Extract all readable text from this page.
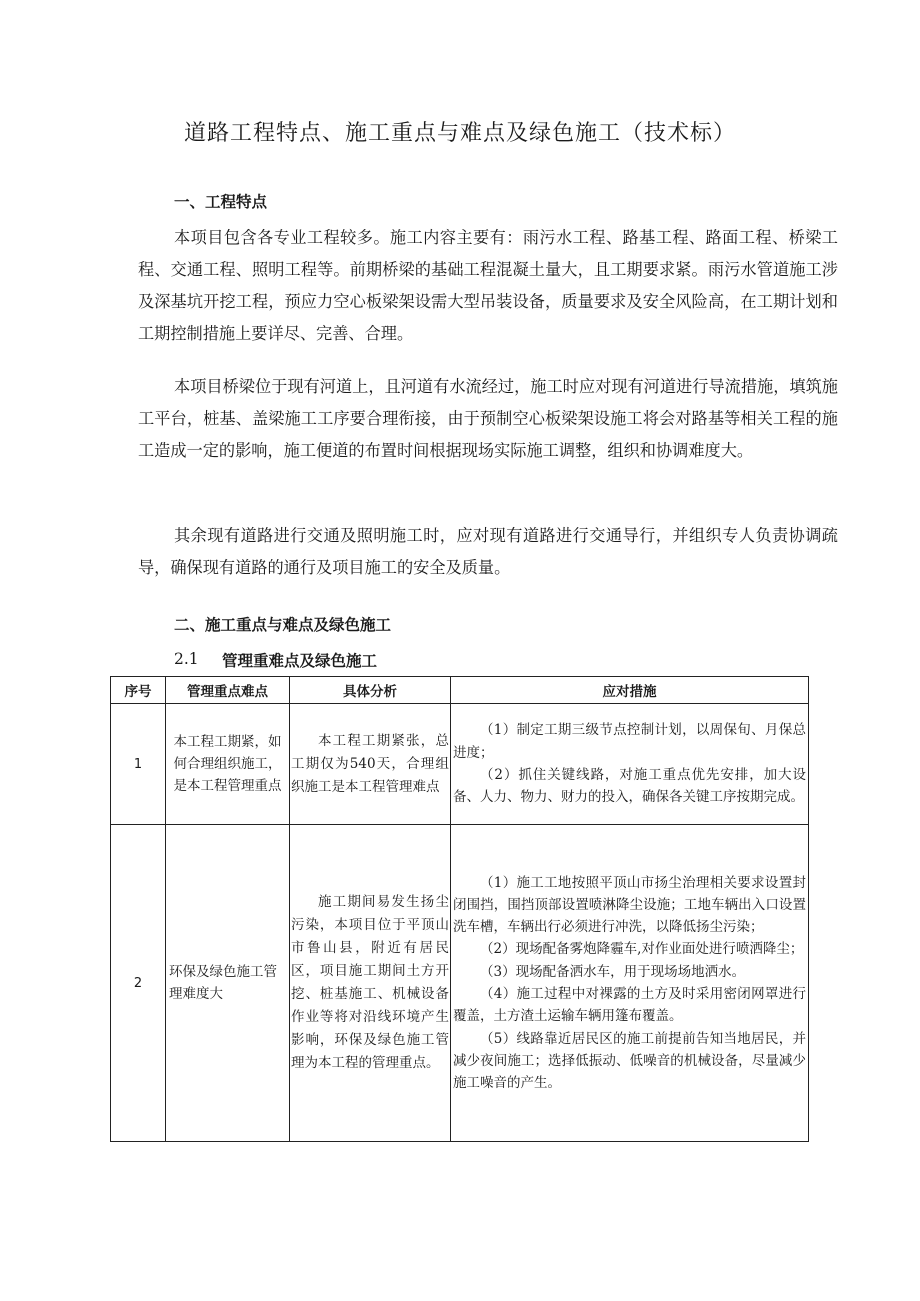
道路工程特点、施工重点与难点及绿色施工（技术标）
一、工程特点

本项目包含各专业工程较多。施工内容主要有：雨污水工程、路基工程、路面工程、桥梁工程、交通工程、照明工程等。前期桥梁的基础工程混凝土量大，且工期要求紧。雨污水管道施工涉及深基坑开挖工程，预应力空心板梁架设需大型吊装设备，质量要求及安全风险高，在工期计划和工期控制措施上要详尽、完善、合理。

本项目桥梁位于现有河道上，且河道有水流经过，施工时应对现有河道进行导流措施，填筑施工平台，桩基、盖梁施工工序要合理衔接，由于预制空心板梁架设施工将会对路基等相关工程的施工造成一定的影响，施工便道的布置时间根据现场实际施工调整，组织和协调难度大。

其余现有道路进行交通及照明施工时，应对现有道路进行交通导行，并组织专人负责协调疏导，确保现有道路的通行及项目施工的安全及质量。

二、施工重点与难点及绿色施工
2.1 管理重难点及绿色施工
序号	管理重点难点	具体分析	应对措施
1	本工程工期紧，如何合理组织施工，是本工程管理重点	本工程工期紧张，总工期仅为540天，合理组织施工是本工程管理难点	（1）制定工期三级节点控制计划，以周保旬、月保总进度；

（2）抓住关键线路，对施工重点优先安排，加大设备、人力、物力、财力的投入，确保各关键工序按期完成。

2	环保及绿色施工管理难度大	施工期间易发生扬尘污染，本项目位于平顶山市鲁山县，附近有居民区，项目施工期间土方开挖、桩基施工、机械设备作业等将对沿线环境产生影响，环保及绿色施工管理为本工程的管理重点。	（1）施工工地按照平顶山市扬尘治理相关要求设置封闭围挡，围挡顶部设置喷淋降尘设施；工地车辆出入口设置洗车槽，车辆出行必须进行冲洗，以降低扬尘污染；

（2）现场配备雾炮降霾车,对作业面处进行喷洒降尘；

（3）现场配备洒水车，用于现场场地洒水。

（4）施工过程中对裸露的土方及时采用密闭网罩进行覆盖，土方渣土运输车辆用篷布覆盖。

（5）线路靠近居民区的施工前提前告知当地居民，并减少夜间施工；选择低振动、低噪音的机械设备，尽量减少施工噪音的产生。
